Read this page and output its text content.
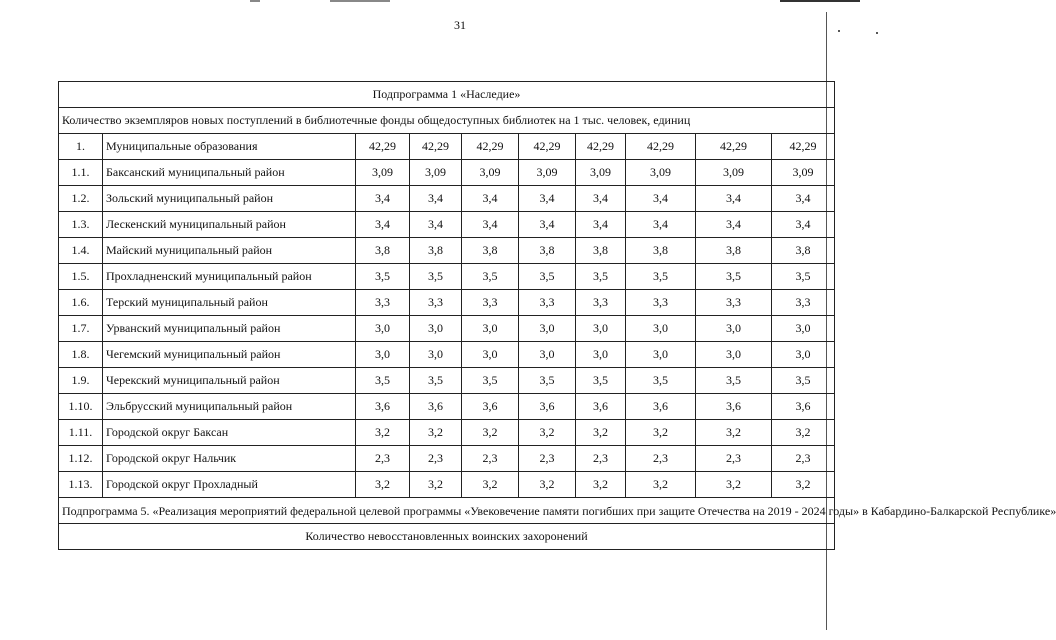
31
Подпрограмма 1 «Наследие»									
Количество экземпляров новых поступлений в библиотечные фонды общедоступных библиотек на 1 тыс. человек, единиц									
1.	Муниципальные образования	42,29	42,29	42,29	42,29	42,29	42,29	42,29	42,29
1.1.	Баксанский муниципальный район	3,09	3,09	3,09	3,09	3,09	3,09	3,09	3,09
1.2.	Зольский муниципальный район	3,4	3,4	3,4	3,4	3,4	3,4	3,4	3,4
1.3.	Лескенский муниципальный район	3,4	3,4	3,4	3,4	3,4	3,4	3,4	3,4
1.4.	Майский муниципальный район	3,8	3,8	3,8	3,8	3,8	3,8	3,8	3,8
1.5.	Прохладненский муниципальный район	3,5	3,5	3,5	3,5	3,5	3,5	3,5	3,5
1.6.	Терский муниципальный район	3,3	3,3	3,3	3,3	3,3	3,3	3,3	3,3
1.7.	Урванский муниципальный район	3,0	3,0	3,0	3,0	3,0	3,0	3,0	3,0
1.8.	Чегемский муниципальный район	3,0	3,0	3,0	3,0	3,0	3,0	3,0	3,0
1.9.	Черекский муниципальный район	3,5	3,5	3,5	3,5	3,5	3,5	3,5	3,5
1.10.	Эльбрусский муниципальный район	3,6	3,6	3,6	3,6	3,6	3,6	3,6	3,6
1.11.	Городской округ Баксан	3,2	3,2	3,2	3,2	3,2	3,2	3,2	3,2
1.12.	Городской округ Нальчик	2,3	2,3	2,3	2,3	2,3	2,3	2,3	2,3
1.13.	Городской округ Прохладный	3,2	3,2	3,2	3,2	3,2	3,2	3,2	3,2
Подпрограмма 5. «Реализация мероприятий федеральной целевой программы «Увековечение памяти погибших при защите Отечества на 2019 - 2024 годы» в Кабардино-Балкарской Республике»									
Количество невосстановленных воинских захоронений									
